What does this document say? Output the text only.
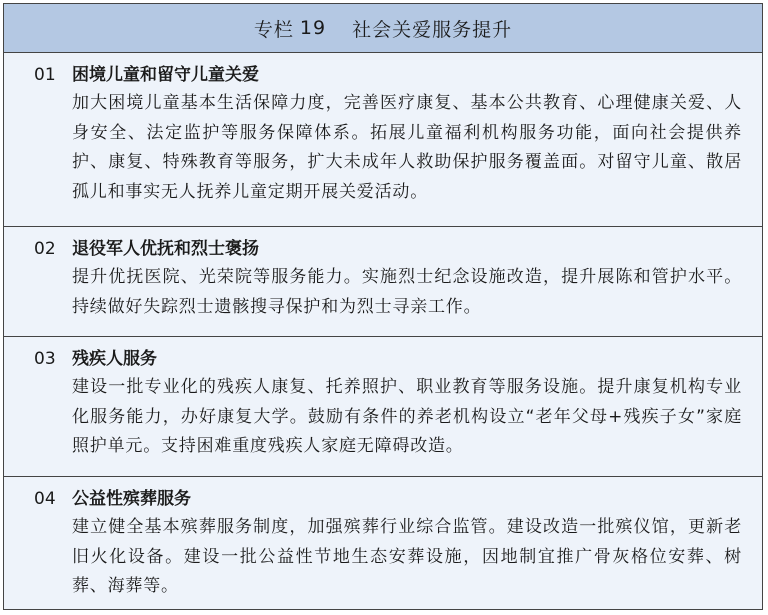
专栏 19 社会关爱服务提升
01 困境儿童和留守儿童关爱
加大困境儿童基本生活保障力度，完善医疗康复、基本公共教育、心理健康关爱、人身安全、法定监护等服务保障体系。拓展儿童福利机构服务功能，面向社会提供养护、康复、特殊教育等服务，扩大未成年人救助保护服务覆盖面。对留守儿童、散居孤儿和事实无人抚养儿童定期开展关爱活动。
02 退役军人优抚和烈士褒扬
提升优抚医院、光荣院等服务能力。实施烈士纪念设施改造，提升展陈和管护水平。持续做好失踪烈士遗骸搜寻保护和为烈士寻亲工作。
03 残疾人服务
建设一批专业化的残疾人康复、托养照护、职业教育等服务设施。提升康复机构专业化服务能力，办好康复大学。鼓励有条件的养老机构设立“老年父母+残疾子女”家庭照护单元。支持困难重度残疾人家庭无障碍改造。
04 公益性殡葬服务
建立健全基本殡葬服务制度，加强殡葬行业综合监管。建设改造一批殡仪馆，更新老旧火化设备。建设一批公益性节地生态安葬设施，因地制宜推广骨灰格位安葬、树葬、海葬等。
